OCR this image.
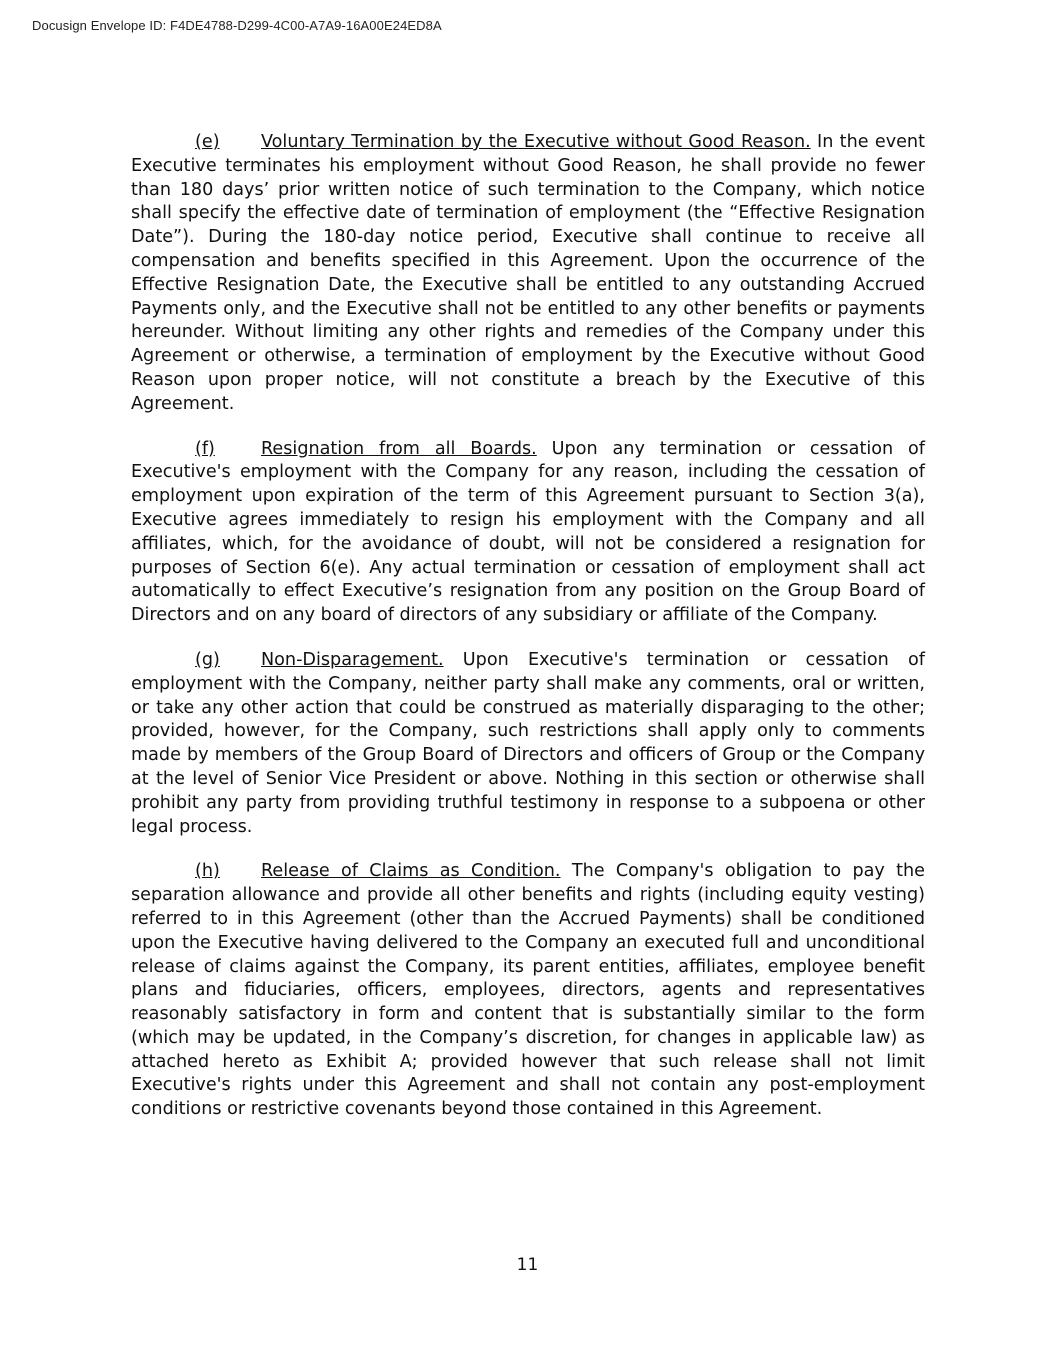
Docusign Envelope ID: F4DE4788-D299-4C00-A7A9-16A00E24ED8A

(e) Voluntary Termination by the Executive without Good Reason. In the event Executive terminates his employment without Good Reason, he shall provide no fewer than 180 days’ prior written notice of such termination to the Company, which notice shall specify the effective date of termination of employment (the “Effective Resignation Date”). During the 180-day notice period, Executive shall continue to receive all compensation and benefits specified in this Agreement. Upon the occurrence of the Effective Resignation Date, the Executive shall be entitled to any outstanding Accrued Payments only, and the Executive shall not be entitled to any other benefits or payments hereunder. Without limiting any other rights and remedies of the Company under this Agreement or otherwise, a termination of employment by the Executive without Good Reason upon proper notice, will not constitute a breach by the Executive of this Agreement.

(f)	Resignation from all Boards. Upon any termination or cessation of Executive's employment with the Company for any reason, including the cessation of employment upon expiration of the term of this Agreement pursuant to Section 3(a), Executive agrees immediately to resign his employment with the Company and all affiliates, which, for the avoidance of doubt, will not be considered a resignation for purposes of Section 6(e). Any actual termination or cessation of employment shall act automatically to effect Executive’s resignation from any position on the Group Board of Directors and on any board of directors of any subsidiary or affiliate of the Company.

(g) Non-Disparagement. Upon Executive's termination or cessation of employment with the Company, neither party shall make any comments, oral or written, or take any other action that could be construed as materially disparaging to the other; provided, however, for the Company, such restrictions shall apply only to comments made by members of the Group Board of Directors and officers of Group or the Company at the level of Senior Vice President or above. Nothing in this section or otherwise shall prohibit any party from providing truthful testimony in response to a subpoena or other legal process.

(h) Release of Claims as Condition. The Company's obligation to pay the separation allowance and provide all other benefits and rights (including equity vesting) referred to in this Agreement (other than the Accrued Payments) shall be conditioned upon the Executive having delivered to the Company an executed full and unconditional release of claims against the Company, its parent entities, affiliates, employee benefit plans and fiduciaries, officers, employees, directors, agents and representatives reasonably satisfactory in form and content that is substantially similar to the form (which may be updated, in the Company’s discretion, for changes in applicable law) as attached hereto as Exhibit A; provided however that such release shall not limit Executive's rights under this Agreement and shall not contain any post-employment conditions or restrictive covenants beyond those contained in this Agreement.

11
